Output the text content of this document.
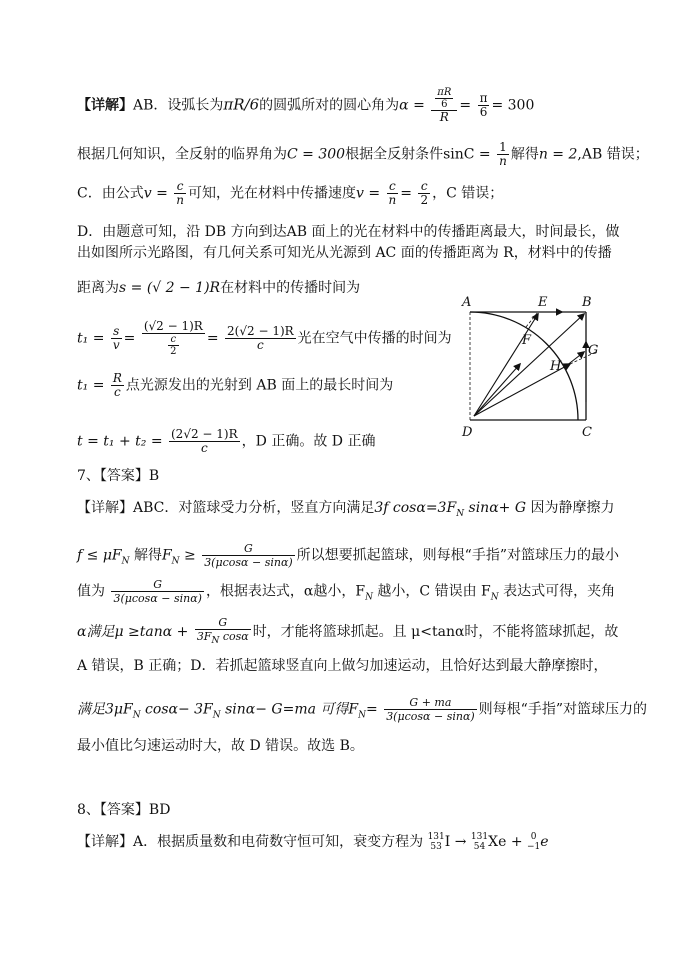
【详解】AB．设弧长为πR/6的圆弧所对的圆心角为$\alpha = \frac{\frac{\pi R}{6}}{R} = \frac{\pi}{6} = 300$
根据几何知识，全反射的临界角为C = 300根据全反射条件$\sin C = \frac{1}{n}$ 解得n = 2,AB 错误；
C．由公式$v = \frac{c}{n}$ 可知，光在材料中传播速度$v = \frac{c}{n} = \frac{c}{2}$ ，C 错误；
D．由题意可知，沿 DB 方向到达AB 面上的光在材料中的传播距离最大，时间最长，做
出如图所示光路图，有几何关系可知光从光源到 AC 面的传播距离为 R，材料中的传播
距离为s = (√ 2 − 1)R在材料中的传播时间为
$t_1 = \frac{s}{v} = \frac{(√2 - 1)R}{\frac{c}{2}} = \frac{2(√2 - 1)R}{c}$ 光在空气中传播的时间为
$t_1 = \frac{R}{c}$ 点光源发出的光射到 AB 面上的最长时间为
$t = t_1 + t_2 = \frac{(2√2 - 1)R}{c}$ ，D 正确。故 D 正确
A	B
E
F
G
H
D	C
7、【答案】B
【详解】ABC．对篮球受力分析，竖直方向满足3f $\cos\alpha=3F_N$ sinα+ G 因为静摩擦力
$f \le \mu F_N$ 解得$F_N \ge \frac{G}{3(\mu\cos\alpha - \sin\alpha)}$ 所以想要抓起篮球，则每根“手指”对篮球压力的最小
值为 $\frac{G}{3(\mu\cos\alpha - \sin\alpha)}$ ，根据表达式，α越小，$F_N$ 越小，C 错误由 $F_N$ 表达式可得，夹角
α满足$\mu \ge\tan\alpha + \frac{G}{3F_N \cos\alpha}$ 时，才能将篮球抓起。且 μ<tanα时，不能将篮球抓起，故
A 错误，B 正确；D．若抓起篮球竖直向上做匀加速运动，且恰好达到最大静摩擦时，
满足$3\mu F_N$ $\cos\alpha- 3F_N$ sinα− G=ma 可得$F_N= \frac{G + ma}{3(\mu\cos\alpha - \sin\alpha)}$ 则每根“手指”对篮球压力的
最小值比匀速运动时大，故 D 错误。故选 B。
8、【答案】BD
【详解】A．根据质量数和电荷数守恒可知，衰变方程为 131
53 I → 131
54 Xe + 0
−1 e
